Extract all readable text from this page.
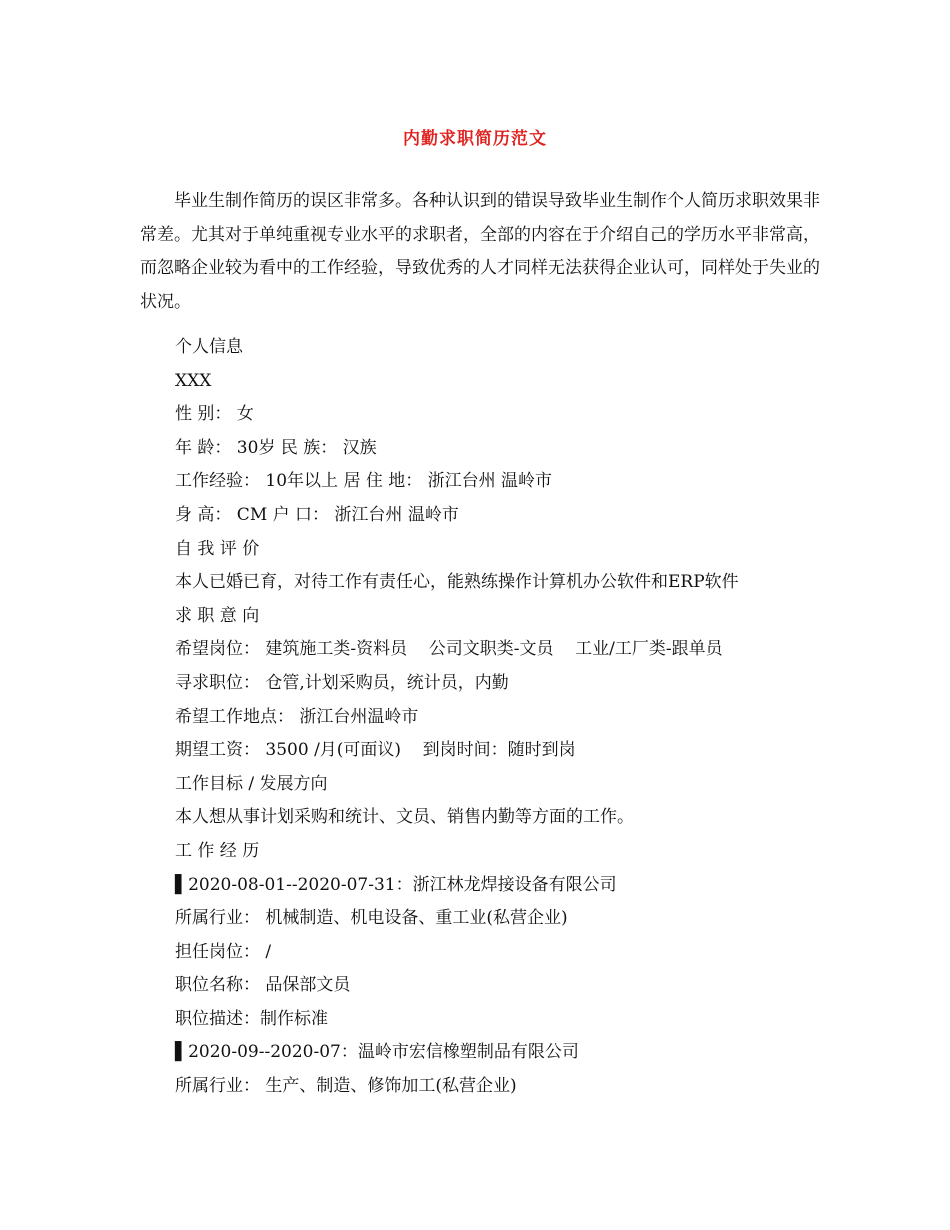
内勤求职简历范文

毕业生制作简历的误区非常多。各种认识到的错误导致毕业生制作个人简历求职效果非常差。尤其对于单纯重视专业水平的求职者，全部的内容在于介绍自己的学历水平非常高，而忽略企业较为看中的工作经验，导致优秀的人才同样无法获得企业认可，同样处于失业的状况。

个人信息
XXX
性 别： 女
年 龄： 30岁 民 族： 汉族
工作经验： 10年以上 居 住 地： 浙江台州 温岭市
身 高： CM 户 口： 浙江台州 温岭市
自 我 评 价
本人已婚已育，对待工作有责任心，能熟练操作计算机办公软件和ERP软件
求 职 意 向
希望岗位： 建筑施工类-资料员    公司文职类-文员    工业/工厂类-跟单员
寻求职位： 仓管,计划采购员，统计员，内勤
希望工作地点： 浙江台州温岭市
期望工资： 3500 /月(可面议)    到岗时间：随时到岗
工作目标 / 发展方向
本人想从事计划采购和统计、文员、销售内勤等方面的工作。
工 作 经 历
▌2020-08-01--2020-07-31：浙江林龙焊接设备有限公司
所属行业： 机械制造、机电设备、重工业(私营企业)
担任岗位： /
职位名称： 品保部文员
职位描述：制作标准
▌2020-09--2020-07：温岭市宏信橡塑制品有限公司
所属行业： 生产、制造、修饰加工(私营企业)
